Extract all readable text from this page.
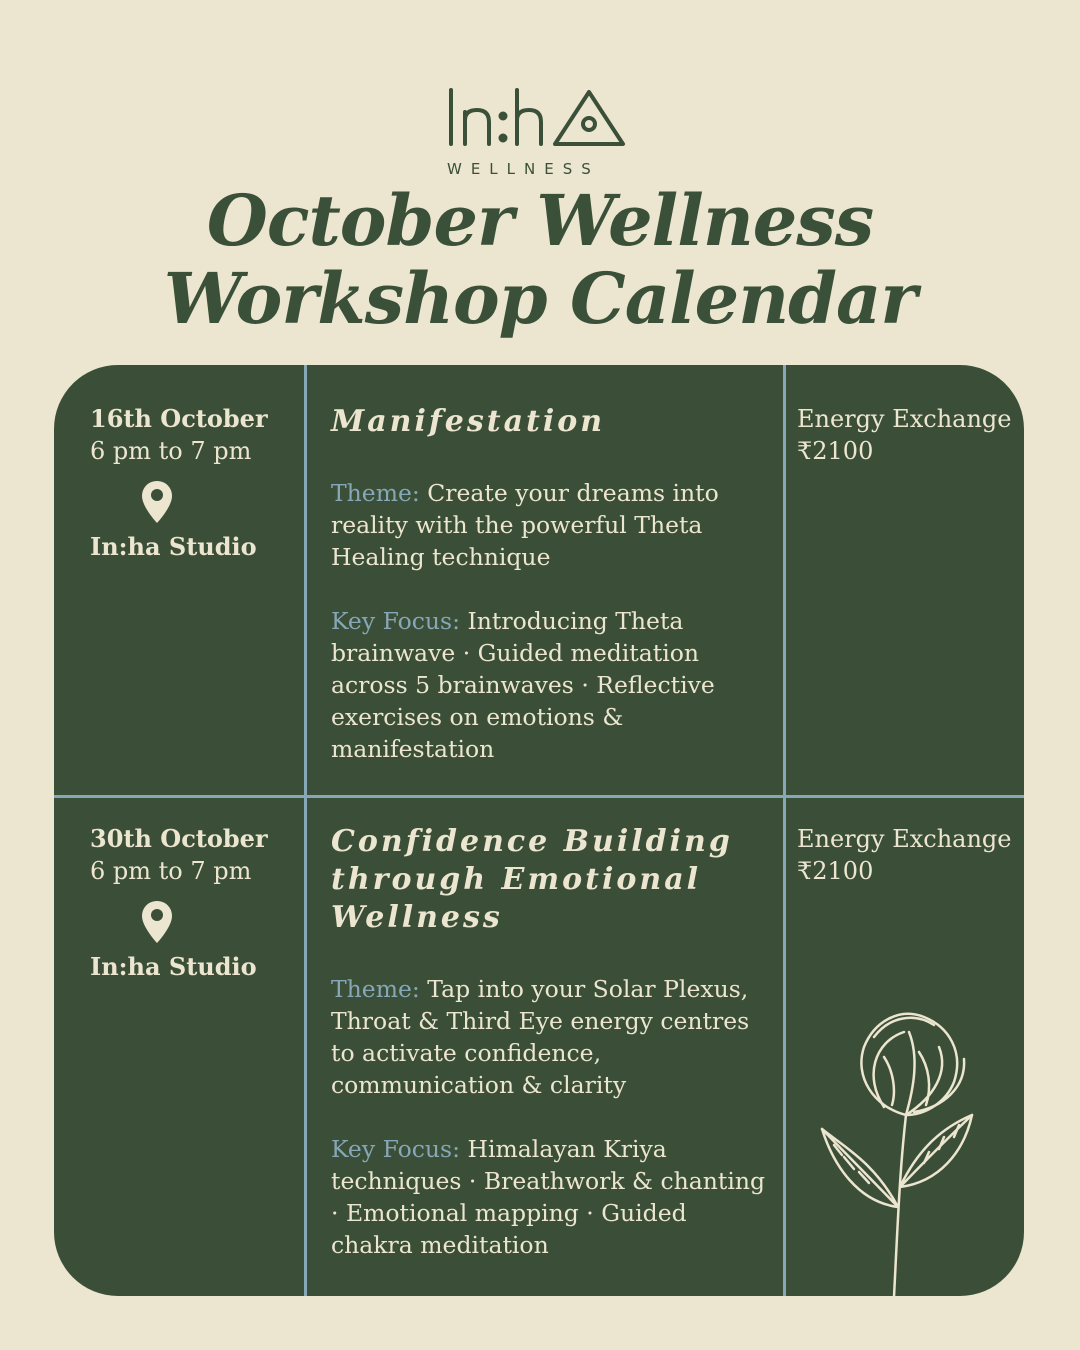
WELLNESS
October Wellness
Workshop Calendar
16th October
6 pm to 7 pm
In:ha Studio
Manifestation
Theme: Create your dreams into reality with the powerful Theta Healing technique
Key Focus: Introducing Theta brainwave · Guided meditation across 5 brainwaves · Reflective exercises on emotions & manifestation
Energy Exchange
₹2100
30th October
6 pm to 7 pm
In:ha Studio
Confidence Building through Emotional Wellness
Theme: Tap into your Solar Plexus, Throat & Third Eye energy centres to activate confidence, communication & clarity
Key Focus: Himalayan Kriya techniques · Breathwork & chanting · Emotional mapping · Guided chakra meditation
Energy Exchange
₹2100
